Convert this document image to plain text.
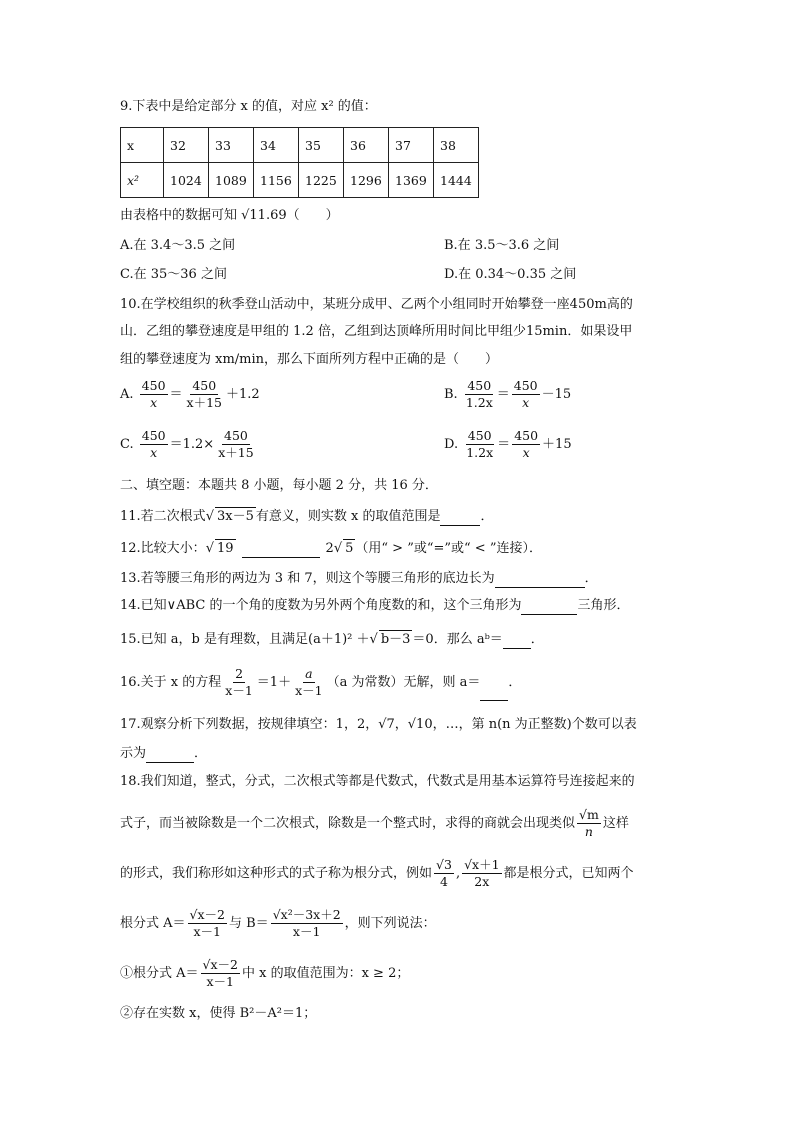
9.下表中是给定部分 x 的值，对应 x² 的值：
x	32	33	34	35	36	37	38
x²	1024	1089	1156	1225	1296	1369	1444
由表格中的数据可知 √11.69（　　）
A.在 3.4～3.5 之间	B.在 3.5～3.6 之间
C.在 35～36 之间	D.在 0.34～0.35 之间
10.在学校组织的秋季登山活动中，某班分成甲、乙两个小组同时开始攀登一座450m高的
山．乙组的攀登速度是甲组的 1.2 倍，乙组到达顶峰所用时间比甲组少15min．如果设甲
组的攀登速度为 xm/min，那么下面所列方程中正确的是（　　）
A. $\frac{450}{x} = \frac{450}{x+15} +1.2$	B. $\frac{450}{1.2x} = \frac{450}{x} -15$
C. $\frac{450}{x} =1.2\times \frac{450}{x+15}$	D. $\frac{450}{1.2x} = \frac{450}{x} +15$
二、填空题：本题共 8 小题，每小题 2 分，共 16 分．
11.若二次根式 √ 3x－5 有意义，则实数 x 的取值范围是	．
12.比较大小： √ 19	2 √ 5 （用“ > ”或“=”或“ < ”连接）．
13.若等腰三角形的两边为 3 和 7，则这个等腰三角形的底边长为	．
14.已知∨ABC 的一个角的度数为另外两个角度数的和，这个三角形为	三角形．
15.已知 a，b 是有理数，且满足(a＋1)² ＋ √ b－3 ＝0．那么 aᵇ＝ ．
16.关于 x 的方程 $\frac{2}{x-1} =1+ \frac{a}{x-1} (a$ 为常数）无解，则 a＝ ．
17.观察分析下列数据，按规律填空：1，2，√7，√10，…，第 n(n 为正整数)个数可以表
示为	．
18.我们知道，整式，分式，二次根式等都是代数式，代数式是用基本运算符号连接起来的
式子，而当被除数是一个二次根式，除数是一个整式时，求得的商就会出现类似 $\frac{√m}{n}$ 这样
的形式，我们称形如这种形式的式子称为根分式，例如 $\frac{√3}{4}$ , $\frac{√x+1}{2x}$ 都是根分式，已知两个
根分式 $A= \frac{√x-2}{x-1}$ 与 $B= \frac{\text{√x²－3x＋2}}{x-1}$ ，则下列说法：
①根分式 $A= \frac{√x-2}{x-1}$ 中 x 的取值范围为：x ≥ 2；
②存在实数 x，使得 B²－A²＝1；
